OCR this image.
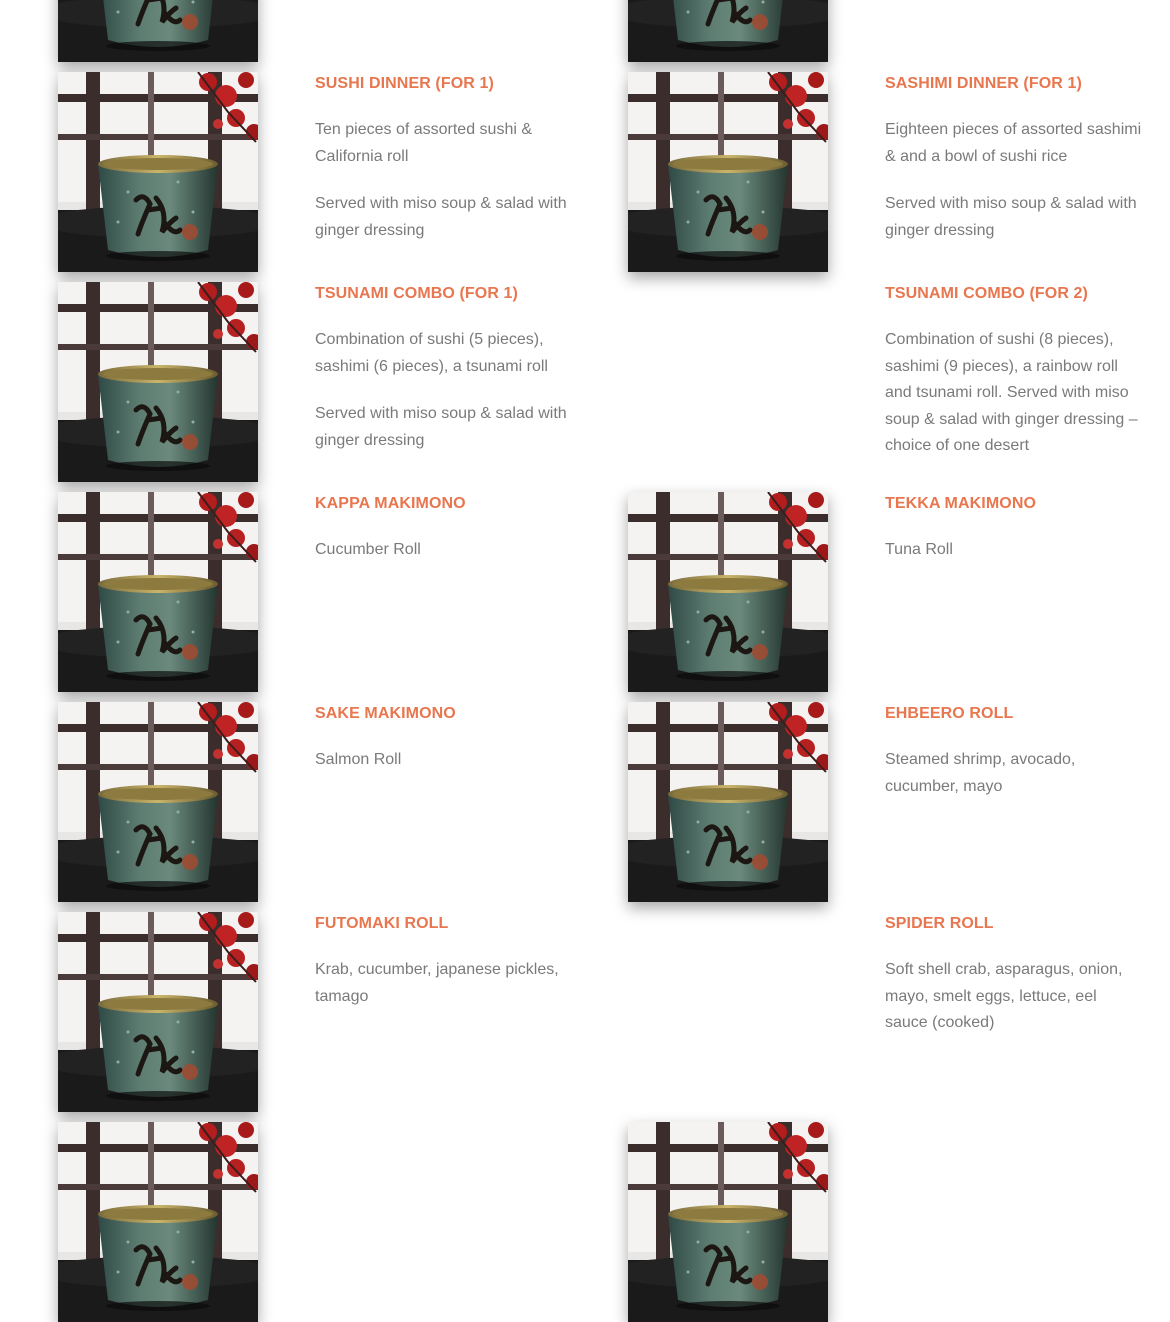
SUSHI DINNER (FOR 1)

Ten pieces of assorted sushi & California roll

Served with miso soup & salad with ginger dressing

SASHIMI DINNER (FOR 1)

Eighteen pieces of assorted sashimi & and a bowl of sushi rice

Served with miso soup & salad with ginger dressing

TSUNAMI COMBO (FOR 1)

Combination of sushi (5 pieces), sashimi (6 pieces), a tsunami roll

Served with miso soup & salad with ginger dressing

TSUNAMI COMBO (FOR 2)

Combination of sushi (8 pieces), sashimi (9 pieces), a rainbow roll and tsunami roll. Served with miso soup & salad with ginger dressing – choice of one desert

KAPPA MAKIMONO

Cucumber Roll

TEKKA MAKIMONO

Tuna Roll

SAKE MAKIMONO

Salmon Roll

EHBEERO ROLL

Steamed shrimp, avocado, cucumber, mayo

FUTOMAKI ROLL

Krab, cucumber, japanese pickles, tamago

SPIDER ROLL

Soft shell crab, asparagus, onion, mayo, smelt eggs, lettuce, eel sauce (cooked)
